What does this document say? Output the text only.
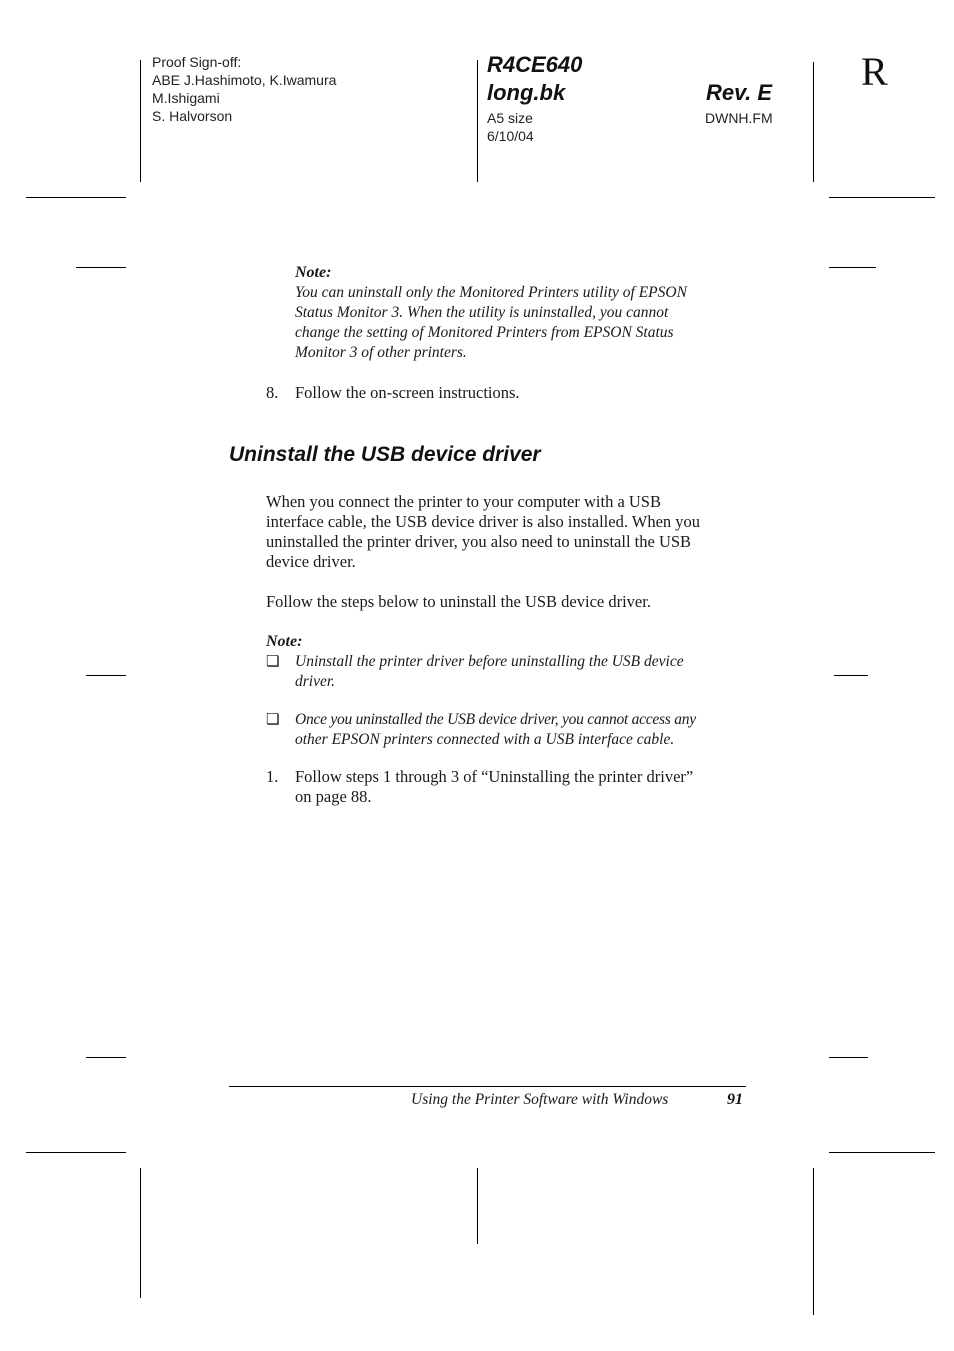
Proof Sign-off:
ABE J.Hashimoto, K.Iwamura
M.Ishigami
S. Halvorson
R4CE640
long.bk	Rev. E
A5 size
6/10/04
DWNH.FM
R
Note:
You can uninstall only the Monitored Printers utility of EPSON
Status Monitor 3. When the utility is uninstalled, you cannot
change the setting of Monitored Printers from EPSON Status
Monitor 3 of other printers.
8. Follow the on-screen instructions.
Uninstall the USB device driver
When you connect the printer to your computer with a USB
interface cable, the USB device driver is also installed. When you
uninstalled the printer driver, you also need to uninstall the USB
device driver.
Follow the steps below to uninstall the USB device driver.
Note:
❏ Uninstall the printer driver before uninstalling the USB device
driver.
❏ Once you uninstalled the USB device driver, you cannot access any
other EPSON printers connected with a USB interface cable.
1. Follow steps 1 through 3 of “Uninstalling the printer driver”
on page 88.
Using the Printer Software with Windows	91
